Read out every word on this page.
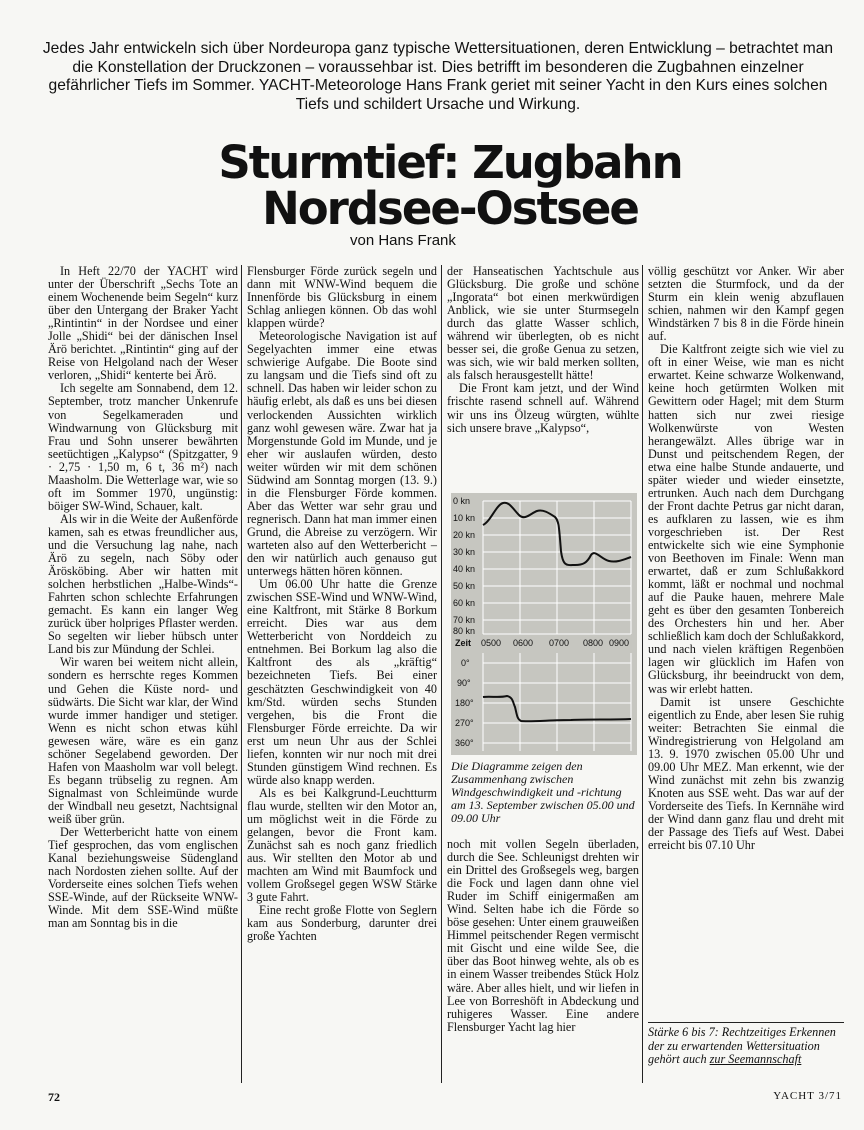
Jedes Jahr entwickeln sich über Nordeuropa ganz typische Wettersituationen, deren Entwicklung – betrachtet man die Konstellation der Druckzonen – voraussehbar ist. Dies betrifft im besonderen die Zugbahnen einzelner gefährlicher Tiefs im Sommer. YACHT-Meteorologe Hans Frank geriet mit seiner Yacht in den Kurs eines solchen Tiefs und schildert Ursache und Wirkung.

Sturmtief: Zugbahn
Nordsee-Ostsee

von Hans Frank

In Heft 22/70 der YACHT wird unter der Überschrift „Sechs Tote an einem Wochenende beim Segeln“ kurz über den Untergang der Braker Yacht „Rintintin“ in der Nordsee und einer Jolle „Shidi“ bei der dänischen Insel Ärö berichtet. „Rintintin“ ging auf der Reise von Helgoland nach der Weser verloren, „Shidi“ kenterte bei Ärö.

Ich segelte am Sonnabend, dem 12. September, trotz mancher Unkenrufe von Segelkameraden und Windwarnung von Glücksburg mit Frau und Sohn unserer bewährten seetüchtigen „Kalypso“ (Spitzgatter, 9 · 2,75 · 1,50 m, 6 t, 36 m²) nach Maasholm. Die Wetterlage war, wie so oft im Sommer 1970, ungünstig: böiger SW-Wind, Schauer, kalt.

Als wir in die Weite der Außenförde kamen, sah es etwas freundlicher aus, und die Versuchung lag nahe, nach Ärö zu segeln, nach Söby oder Ärösköbing. Aber wir hatten mit solchen herbstlichen „Halbe-Winds“-Fahrten schon schlechte Erfahrungen gemacht. Es kann ein langer Weg zurück über holpriges Pflaster werden. So segelten wir lieber hübsch unter Land bis zur Mündung der Schlei.

Wir waren bei weitem nicht allein, sondern es herrschte reges Kommen und Gehen die Küste nord- und südwärts. Die Sicht war klar, der Wind wurde immer handiger und stetiger. Wenn es nicht schon etwas kühl gewesen wäre, wäre es ein ganz schöner Segelabend geworden. Der Hafen von Maasholm war voll belegt. Es begann trübselig zu regnen. Am Signalmast von Schleimünde wurde der Windball neu gesetzt, Nachtsignal weiß über grün.

Der Wetterbericht hatte von einem Tief gesprochen, das vom englischen Kanal beziehungsweise Südengland nach Nordosten ziehen sollte. Auf der Vorderseite eines solchen Tiefs wehen SSE-Winde, auf der Rückseite WNW-Winde. Mit dem SSE-Wind müßte man am Sonntag bis in die

Flensburger Förde zurück segeln und dann mit WNW-Wind bequem die Innenförde bis Glücksburg in einem Schlag anliegen können. Ob das wohl klappen würde?

Meteorologische Navigation ist auf Segelyachten immer eine etwas schwierige Aufgabe. Die Boote sind zu langsam und die Tiefs sind oft zu schnell. Das haben wir leider schon zu häufig erlebt, als daß es uns bei diesen verlockenden Aussichten wirklich ganz wohl gewesen wäre. Zwar hat ja Morgenstunde Gold im Munde, und je eher wir auslaufen würden, desto weiter würden wir mit dem schönen Südwind am Sonntag morgen (13. 9.) in die Flensburger Förde kommen. Aber das Wetter war sehr grau und regnerisch. Dann hat man immer einen Grund, die Abreise zu verzögern. Wir warteten also auf den Wetterbericht – den wir natürlich auch genauso gut unterwegs hätten hören können.

Um 06.00 Uhr hatte die Grenze zwischen SSE-Wind und WNW-Wind, eine Kaltfront, mit Stärke 8 Borkum erreicht. Dies war aus dem Wetterbericht von Norddeich zu entnehmen. Bei Borkum lag also die Kaltfront des als „kräftig“ bezeichneten Tiefs. Bei einer geschätzten Geschwindigkeit von 40 km/Std. würden sechs Stunden vergehen, bis die Front die Flensburger Förde erreichte. Da wir erst um neun Uhr aus der Schlei liefen, konnten wir nur noch mit drei Stunden günstigem Wind rechnen. Es würde also knapp werden.

Als es bei Kalkgrund-Leuchtturm flau wurde, stellten wir den Motor an, um möglichst weit in die Förde zu gelangen, bevor die Front kam. Zunächst sah es noch ganz friedlich aus. Wir stellten den Motor ab und machten am Wind mit Baumfock und vollem Großsegel gegen WSW Stärke 3 gute Fahrt.

Eine recht große Flotte von Seglern kam aus Sonderburg, darunter drei große Yachten

der Hanseatischen Yachtschule aus Glücksburg. Die große und schöne „Ingorata“ bot einen merkwürdigen Anblick, wie sie unter Sturmsegeln durch das glatte Wasser schlich, während wir überlegten, ob es nicht besser sei, die große Genua zu setzen, was sich, wie wir bald merken sollten, als falsch herausgestellt hätte!

Die Front kam jetzt, und der Wind frischte rasend schnell auf. Während wir uns ins Ölzeug würgten, wühlte sich unsere brave „Kalypso“,

0 kn
10 kn
20 kn
30 kn
40 kn
50 kn
60 kn
70 kn
80 kn
Zeit 0500 0600 0700 0800 0900
0°
90°
180°
270°
360°

Die Diagramme zeigen den Zusammenhang zwischen Windgeschwindigkeit und -richtung am 13. September zwischen 05.00 und 09.00 Uhr

noch mit vollen Segeln überladen, durch die See. Schleunigst drehten wir ein Drittel des Großsegels weg, bargen die Fock und lagen dann ohne viel Ruder im Schiff einigermaßen am Wind. Selten habe ich die Förde so böse gesehen: Unter einem grauweißen Himmel peitschender Regen vermischt mit Gischt und eine wilde See, die über das Boot hinweg wehte, als ob es in einem Wasser treibendes Stück Holz wäre. Aber alles hielt, und wir liefen in Lee von Borreshöft in Abdeckung und ruhigeres Wasser. Eine andere Flensburger Yacht lag hier

völlig geschützt vor Anker. Wir aber setzten die Sturmfock, und da der Sturm ein klein wenig abzuflauen schien, nahmen wir den Kampf gegen Windstärken 7 bis 8 in die Förde hinein auf.

Die Kaltfront zeigte sich wie viel zu oft in einer Weise, wie man es nicht erwartet. Keine schwarze Wolkenwand, keine hoch getürmten Wolken mit Gewittern oder Hagel; mit dem Sturm hatten sich nur zwei riesige Wolkenwürste von Westen herangewälzt. Alles übrige war in Dunst und peitschendem Regen, der etwa eine halbe Stunde andauerte, und später wieder und wieder einsetzte, ertrunken. Auch nach dem Durchgang der Front dachte Petrus gar nicht daran, es aufklaren zu lassen, wie es ihm vorgeschrieben ist. Der Rest entwickelte sich wie eine Symphonie von Beethoven im Finale: Wenn man erwartet, daß er zum Schlußakkord kommt, läßt er nochmal und nochmal auf die Pauke hauen, mehrere Male geht es über den gesamten Tonbereich des Orchesters hin und her. Aber schließlich kam doch der Schlußakkord, und nach vielen kräftigen Regenböen lagen wir glücklich im Hafen von Glücksburg, ihr beeindruckt von dem, was wir erlebt hatten.

Damit ist unsere Geschichte eigentlich zu Ende, aber lesen Sie ruhig weiter: Betrachten Sie einmal die Windregistrierung von Helgoland am 13. 9. 1970 zwischen 05.00 Uhr und 09.00 Uhr MEZ. Man erkennt, wie der Wind zunächst mit zehn bis zwanzig Knoten aus SSE weht. Das war auf der Vorderseite des Tiefs. In Kernnähe wird der Wind dann ganz flau und dreht mit der Passage des Tiefs auf West. Dabei erreicht bis 07.10 Uhr

Stärke 6 bis 7: Rechtzeitiges Erkennen der zu erwartenden Wettersituation gehört auch zur Seemannschaft

72	YACHT 3/71
